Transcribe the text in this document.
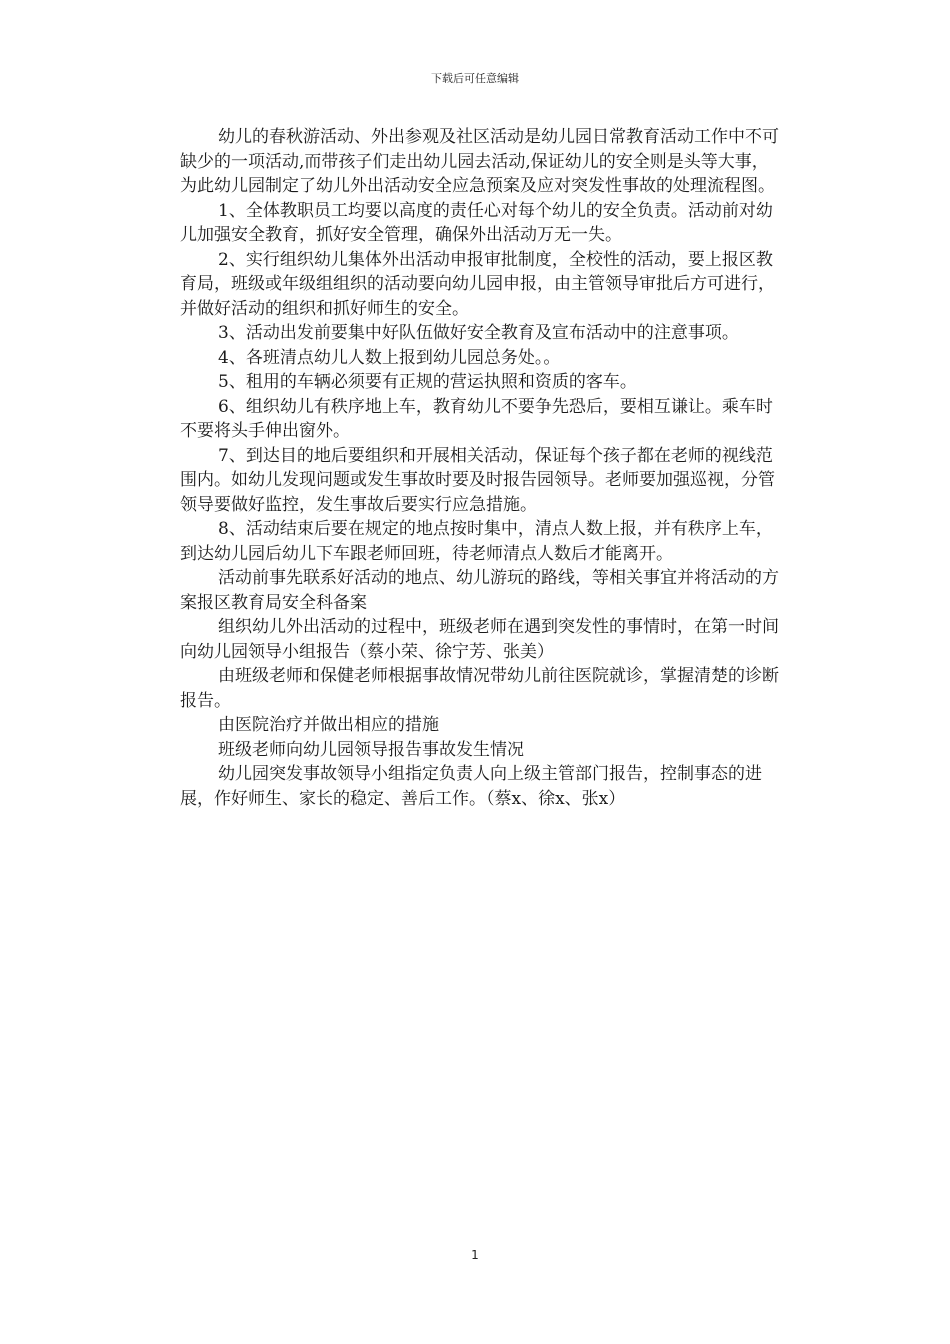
下载后可任意编辑

幼儿的春秋游活动、外出参观及社区活动是幼儿园日常教育活动工作中不可缺少的一项活动,而带孩子们走出幼儿园去活动,保证幼儿的安全则是头等大事，为此幼儿园制定了幼儿外出活动安全应急预案及应对突发性事故的处理流程图。

1、全体教职员工均要以高度的责任心对每个幼儿的安全负责。活动前对幼儿加强安全教育，抓好安全管理，确保外出活动万无一失。

2、实行组织幼儿集体外出活动申报审批制度，全校性的活动，要上报区教育局，班级或年级组组织的活动要向幼儿园申报，由主管领导审批后方可进行，并做好活动的组织和抓好师生的安全。

3、活动出发前要集中好队伍做好安全教育及宣布活动中的注意事项。

4、各班清点幼儿人数上报到幼儿园总务处。。

5、租用的车辆必须要有正规的营运执照和资质的客车。

6、组织幼儿有秩序地上车，教育幼儿不要争先恐后，要相互谦让。乘车时不要将头手伸出窗外。

7、到达目的地后要组织和开展相关活动，保证每个孩子都在老师的视线范围内。如幼儿发现问题或发生事故时要及时报告园领导。老师要加强巡视，分管领导要做好监控，发生事故后要实行应急措施。

8、活动结束后要在规定的地点按时集中，清点人数上报，并有秩序上车，到达幼儿园后幼儿下车跟老师回班，待老师清点人数后才能离开。

活动前事先联系好活动的地点、幼儿游玩的路线，等相关事宜并将活动的方案报区教育局安全科备案

组织幼儿外出活动的过程中，班级老师在遇到突发性的事情时，在第一时间向幼儿园领导小组报告（蔡小荣、徐宁芳、张美）

由班级老师和保健老师根据事故情况带幼儿前往医院就诊，掌握清楚的诊断报告。

由医院治疗并做出相应的措施

班级老师向幼儿园领导报告事故发生情况

幼儿园突发事故领导小组指定负责人向上级主管部门报告，控制事态的进展，作好师生、家长的稳定、善后工作。（蔡x、徐x、张x）

1
